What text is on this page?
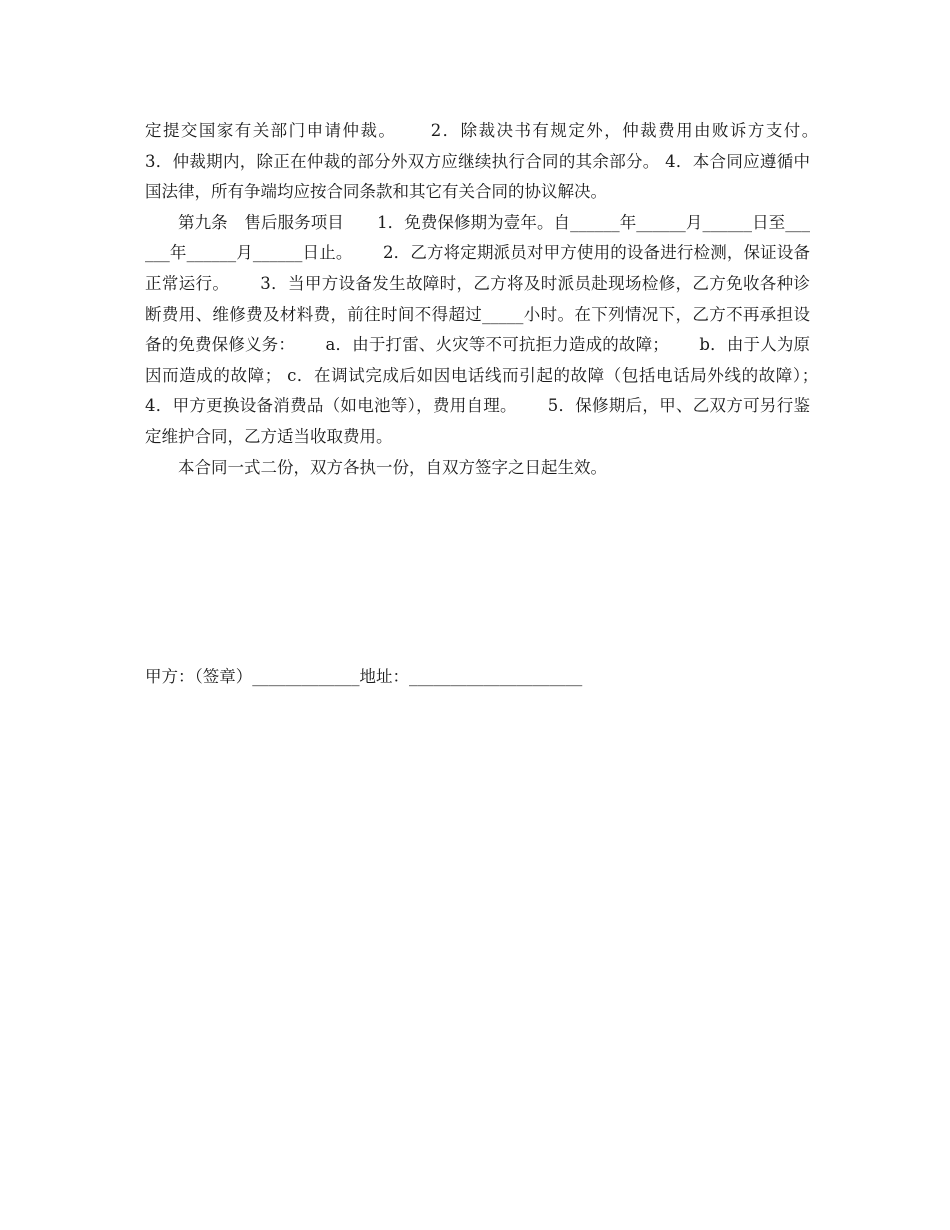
定提交国家有关部门申请仲裁。　　 2．除裁决书有规定外，仲裁费用由败诉方支付。　　 3．仲裁期内，除正在仲裁的部分外双方应继续执行合同的其余部分。 4．本合同应遵循中国法律，所有争端均应按合同条款和其它有关合同的协议解决。

第九条　售后服务项目　　1．免费保修期为壹年。自______年______月______日至______年______月______日止。　　 2．乙方将定期派员对甲方使用的设备进行检测，保证设备正常运行。　　 3．当甲方设备发生故障时，乙方将及时派员赴现场检修，乙方免收各种诊断费用、维修费及材料费，前往时间不得超过_____小时。在下列情况下，乙方不再承担设备的免费保修义务：　　 a．由于打雷、火灾等不可抗拒力造成的故障；　　 b．由于人为原因而造成的故障； c．在调试完成后如因电话线而引起的故障（包括电话局外线的故障）；　　 4．甲方更换设备消费品（如电池等），费用自理。　　 5．保修期后，甲、乙双方可另行鉴定维护合同，乙方适当收取费用。

本合同一式二份，双方各执一份，自双方签字之日起生效。

甲方：（签章）_____________地址：_____________________
